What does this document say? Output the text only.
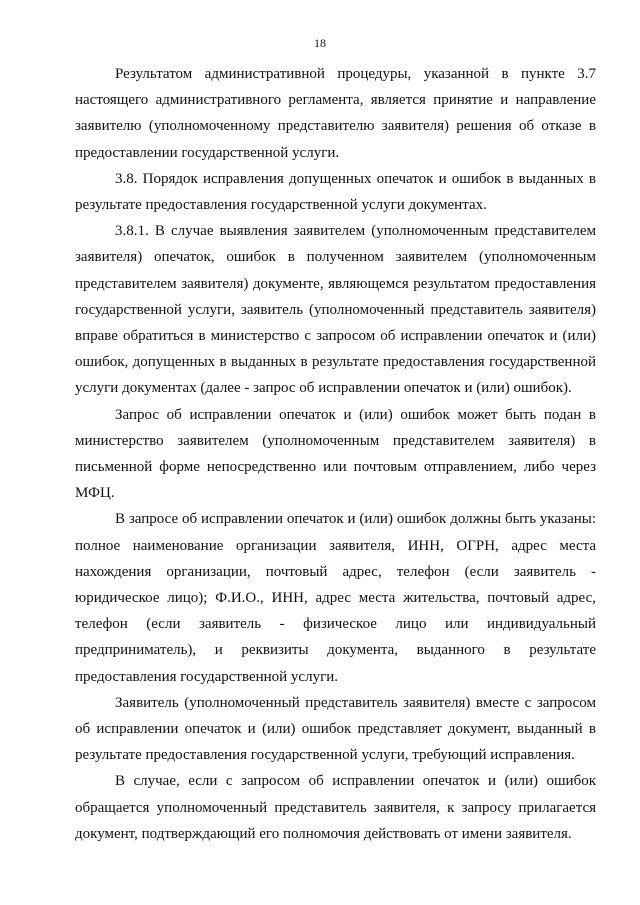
18

Результатом административной процедуры, указанной в пункте 3.7 настоящего административного регламента, является принятие и направление заявителю (уполномоченному представителю заявителя) решения об отказе в предоставлении государственной услуги.

3.8. Порядок исправления допущенных опечаток и ошибок в выданных в результате предоставления государственной услуги документах.

3.8.1. В случае выявления заявителем (уполномоченным представителем заявителя) опечаток, ошибок в полученном заявителем (уполномоченным представителем заявителя) документе, являющемся результатом предоставления государственной услуги, заявитель (уполномоченный представитель заявителя) вправе обратиться в министерство с запросом об исправлении опечаток и (или) ошибок, допущенных в выданных в результате предоставления государственной услуги документах (далее - запрос об исправлении опечаток и (или) ошибок).

Запрос об исправлении опечаток и (или) ошибок может быть подан в министерство заявителем (уполномоченным представителем заявителя) в письменной форме непосредственно или почтовым отправлением, либо через МФЦ.

В запросе об исправлении опечаток и (или) ошибок должны быть указаны: полное наименование организации заявителя, ИНН, ОГРН, адрес места нахождения организации, почтовый адрес, телефон (если заявитель - юридическое лицо); Ф.И.О., ИНН, адрес места жительства, почтовый адрес, телефон (если заявитель - физическое лицо или индивидуальный предприниматель), и реквизиты документа, выданного в результате предоставления государственной услуги.

Заявитель (уполномоченный представитель заявителя) вместе с запросом об исправлении опечаток и (или) ошибок представляет документ, выданный в результате предоставления государственной услуги, требующий исправления.

В случае, если с запросом об исправлении опечаток и (или) ошибок обращается уполномоченный представитель заявителя, к запросу прилагается документ, подтверждающий его полномочия действовать от имени заявителя.
